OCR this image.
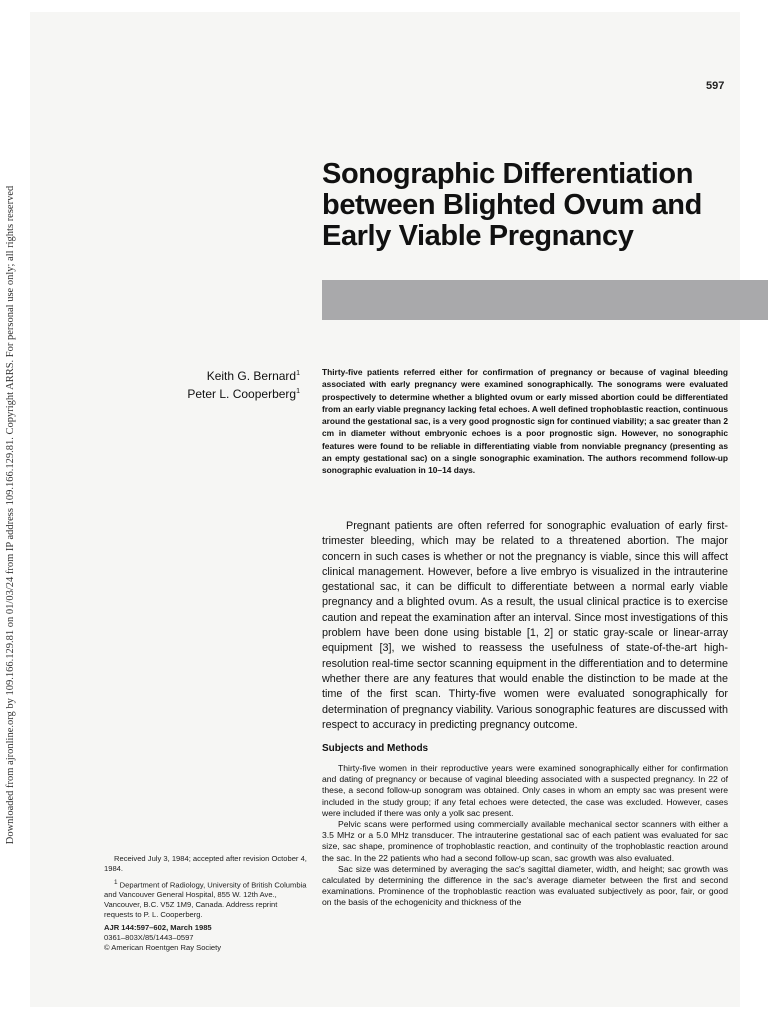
Downloaded from ajronline.org by 109.166.129.81 on 01/03/24 from IP address 109.166.129.81. Copyright ARRS. For personal use only; all rights reserved
597
Sonographic Differentiation between Blighted Ovum and Early Viable Pregnancy
Keith G. Bernard$^1$
Peter L. Cooperberg$^1$

Thirty-five patients referred either for confirmation of pregnancy or because of vaginal bleeding associated with early pregnancy were examined sonographically. The sonograms were evaluated prospectively to determine whether a blighted ovum or early missed abortion could be differentiated from an early viable pregnancy lacking fetal echoes. A well defined trophoblastic reaction, continuous around the gestational sac, is a very good prognostic sign for continued viability; a sac greater than 2 cm in diameter without embryonic echoes is a poor prognostic sign. However, no sonographic features were found to be reliable in differentiating viable from nonviable pregnancy (presenting as an empty gestational sac) on a single sonographic examination. The authors recommend follow-up sonographic evaluation in 10–14 days.

Pregnant patients are often referred for sonographic evaluation of early first-trimester bleeding, which may be related to a threatened abortion. The major concern in such cases is whether or not the pregnancy is viable, since this will affect clinical management. However, before a live embryo is visualized in the intrauterine gestational sac, it can be difficult to differentiate between a normal early viable pregnancy and a blighted ovum. As a result, the usual clinical practice is to exercise caution and repeat the examination after an interval. Since most investigations of this problem have been done using bistable [1, 2] or static gray-scale or linear-array equipment [3], we wished to reassess the usefulness of state-of-the-art high-resolution real-time sector scanning equipment in the differentiation and to determine whether there are any features that would enable the distinction to be made at the time of the first scan. Thirty-five women were evaluated sonographically for determination of pregnancy viability. Various sonographic features are discussed with respect to accuracy in predicting pregnancy outcome.

Subjects and Methods

Thirty-five women in their reproductive years were examined sonographically either for confirmation and dating of pregnancy or because of vaginal bleeding associated with a suspected pregnancy. In 22 of these, a second follow-up sonogram was obtained. Only cases in whom an empty sac was present were included in the study group; if any fetal echoes were detected, the case was excluded. However, cases were included if there was only a yolk sac present.

Pelvic scans were performed using commercially available mechanical sector scanners with either a 3.5 MHz or a 5.0 MHz transducer. The intrauterine gestational sac of each patient was evaluated for sac size, sac shape, prominence of trophoblastic reaction, and continuity of the trophoblastic reaction around the sac. In the 22 patients who had a second follow-up scan, sac growth was also evaluated.

Sac size was determined by averaging the sac's sagittal diameter, width, and height; sac growth was calculated by determining the difference in the sac's average diameter between the first and second examinations. Prominence of the trophoblastic reaction was evaluated subjectively as poor, fair, or good on the basis of the echogenicity and thickness of the

Received July 3, 1984; accepted after revision October 4, 1984.

$^1$ Department of Radiology, University of British Columbia and Vancouver General Hospital, 855 W. 12th Ave., Vancouver, B.C. V5Z 1M9, Canada. Address reprint requests to P. L. Cooperberg.

AJR 144:597–602, March 1985

0361–803X/85/1443–0597

© American Roentgen Ray Society
